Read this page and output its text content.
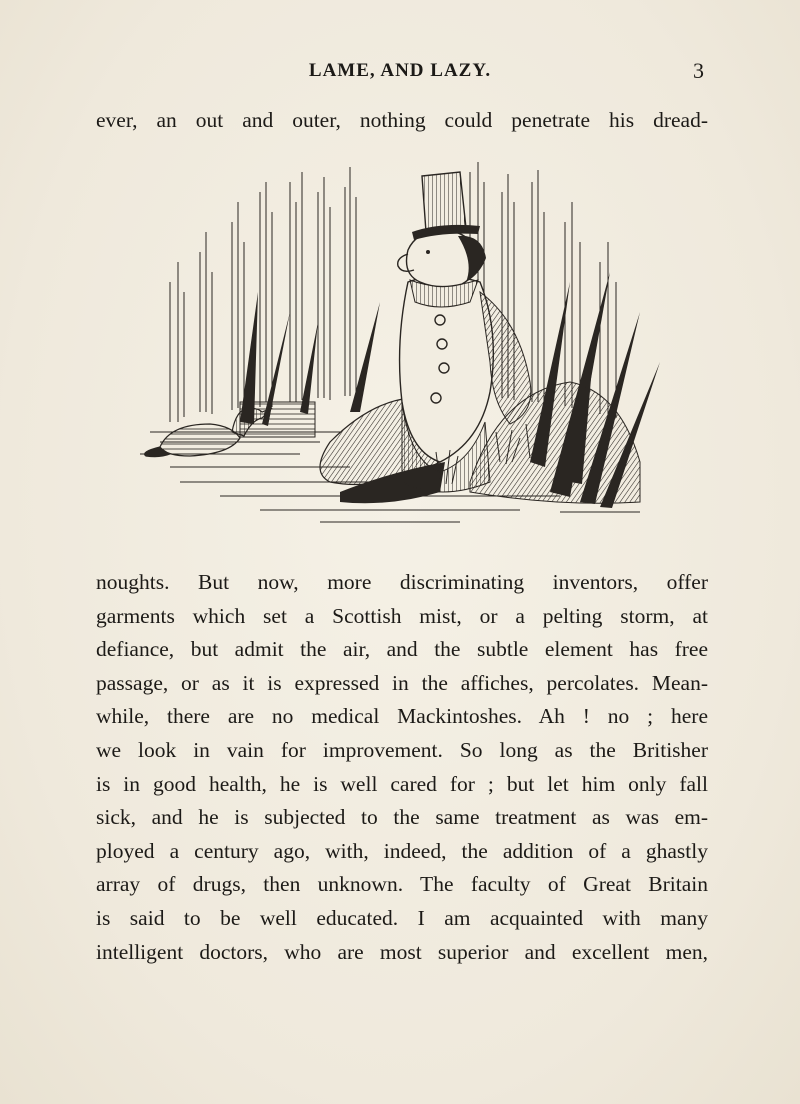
LAME, AND LAZY.	3
ever, an out and outer, nothing could penetrate his dread-
noughts. But now, more discriminating inventors, offer
garments which set a Scottish mist, or a pelting storm, at
defiance, but admit the air, and the subtle element has free
passage, or as it is expressed in the affiches, percolates. Mean-
while, there are no medical Mackintoshes. Ah ! no ; here
we look in vain for improvement. So long as the Britisher
is in good health, he is well cared for ; but let him only fall
sick, and he is subjected to the same treatment as was em-
ployed a century ago, with, indeed, the addition of a ghastly
array of drugs, then unknown. The faculty of Great Britain
is said to be well educated. I am acquainted with many
intelligent doctors, who are most superior and excellent men,
